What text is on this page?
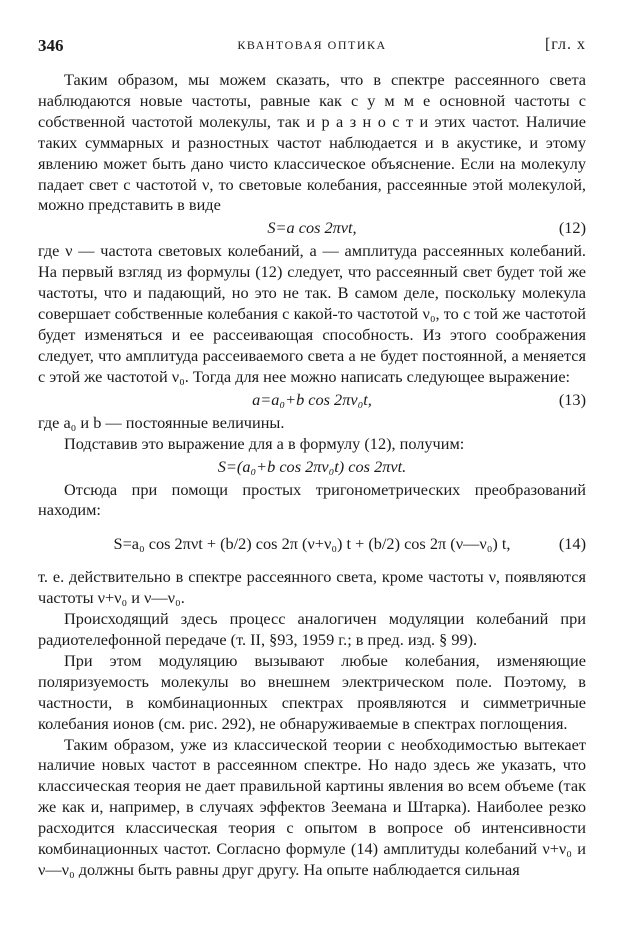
346	КВАНТОВАЯ ОПТИКА	[гл. х

Таким образом, мы можем сказать, что в спектре рассеянного света наблюдаются новые частоты, равные как с у м м е основной частоты с собственной частотой молекулы, так и р а з н о с т и этих частот. Наличие таких суммарных и разностных частот наблюдается и в акустике, и этому явлению может быть дано чисто классическое объяснение. Если на молекулу падает свет с частотой ν, то световые колебания, рассеянные этой молекулой, можно представить в виде

S=a cos 2πνt,	(12)

где ν — частота световых колебаний, a — амплитуда рассеянных колебаний. На первый взгляд из формулы (12) следует, что рассеянный свет будет той же частоты, что и падающий, но это не так. В самом деле, поскольку молекула совершает собственные колебания с какой-то частотой ν₀, то с той же частотой будет изменяться и ее рассеивающая способность. Из этого соображения следует, что амплитуда рассеиваемого света a не будет постоянной, а меняется с этой же частотой ν₀. Тогда для нее можно написать следующее выражение:

a=a₀+b cos 2πν₀t,	(13)

где a₀ и b — постоянные величины.

Подставив это выражение для a в формулу (12), получим:

S=(a₀+b cos 2πν₀t) cos 2πνt.

Отсюда при помощи простых тригонометрических преобразований находим:

S=a₀ cos 2πνt + (b/2) cos 2π (ν+ν₀) t + (b/2) cos 2π (ν—ν₀) t,	(14)

т. е. действительно в спектре рассеянного света, кроме частоты ν, появляются частоты ν+ν₀ и ν—ν₀.

Происходящий здесь процесс аналогичен модуляции колебаний при радиотелефонной передаче (т. II, §93, 1959 г.; в пред. изд. § 99).

При этом модуляцию вызывают любые колебания, изменяющие поляризуемость молекулы во внешнем электрическом поле. Поэтому, в частности, в комбинационных спектрах проявляются и симметричные колебания ионов (см. рис. 292), не обнаруживаемые в спектрах поглощения.

Таким образом, уже из классической теории с необходимостью вытекает наличие новых частот в рассеянном спектре. Но надо здесь же указать, что классическая теория не дает правильной картины явления во всем объеме (так же как и, например, в случаях эффектов Зеемана и Штарка). Наиболее резко расходится классическая теория с опытом в вопросе об интенсивности комбинационных частот. Согласно формуле (14) амплитуды колебаний ν+ν₀ и ν—ν₀ должны быть равны друг другу. На опыте наблюдается сильная
